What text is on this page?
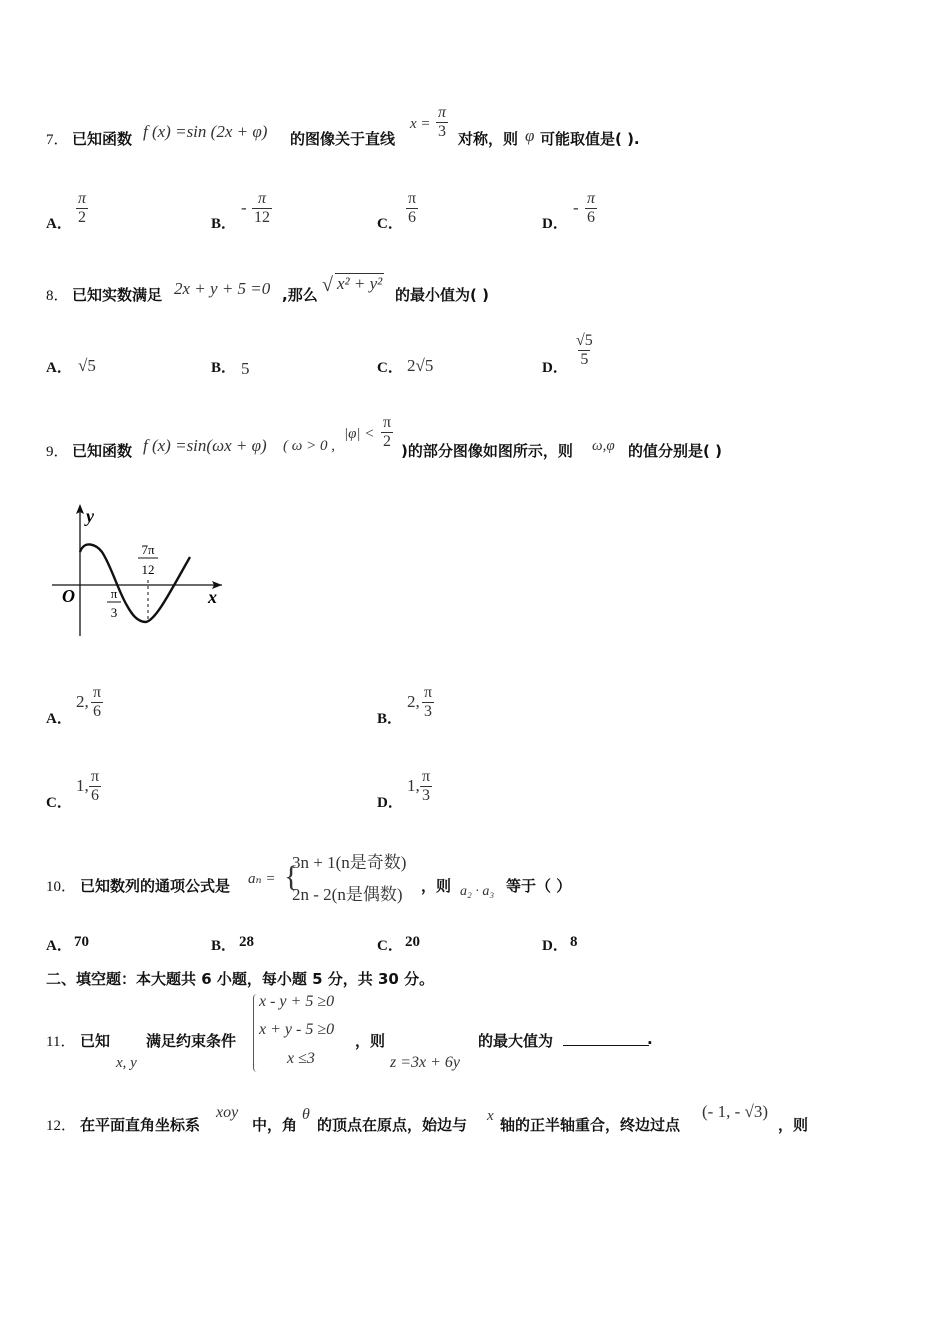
7． 已知函数 f (x) =sin (2x + φ) 的图像关于直线
$x = \frac{\pi}{3}$ 对称，则 φ 可能取值是( ).
A． $\frac{\pi}{2}$	B．
- $\frac{\pi}{12}$	C． $\frac{\pi}{6}$	D．
- $\frac{\pi}{6}$
8． 已知实数满足 2x + y + 5 =0 ,那么 √ x² + y²
的最小值为( )
A． √5	B． 5	C． 2√5	D． $\frac{√5}{5}$
9． 已知函数 f (x) =sin(ωx + φ) ( ω > 0 ,
$|\varphi| < \frac{\pi}{2}$ )的部分图像如图所示，则 ω,φ 的值分别是( )
y
x
O	π
3
7π
12
A．
2, $\frac{\pi}{6}$	B．
2, $\frac{\pi}{3}$
C．
1, $\frac{\pi}{6}$	D．
1, $\frac{\pi}{3}$
10． 已知数列的通项公式是 aₙ = {
3n + 1(n是奇数)
2n - 2(n是偶数) ，则 a₂ · a₃ 等于（ ）
A． 70	B． 28	C． 20	D． 8
二、填空题：本大题共 6 小题，每小题 5 分，共 30 分。
11． 已知
x, y
满足约束条件
x - y + 5 ≥0
x + y - 5 ≥0
x ≤3
，则
z =3x + 6y
的最大值为	.
12． 在平面直角坐标系
xoy
中，角
θ
的顶点在原点，始边与 x 轴的正半轴重合，终边过点
(- 1, - √3)
，则
